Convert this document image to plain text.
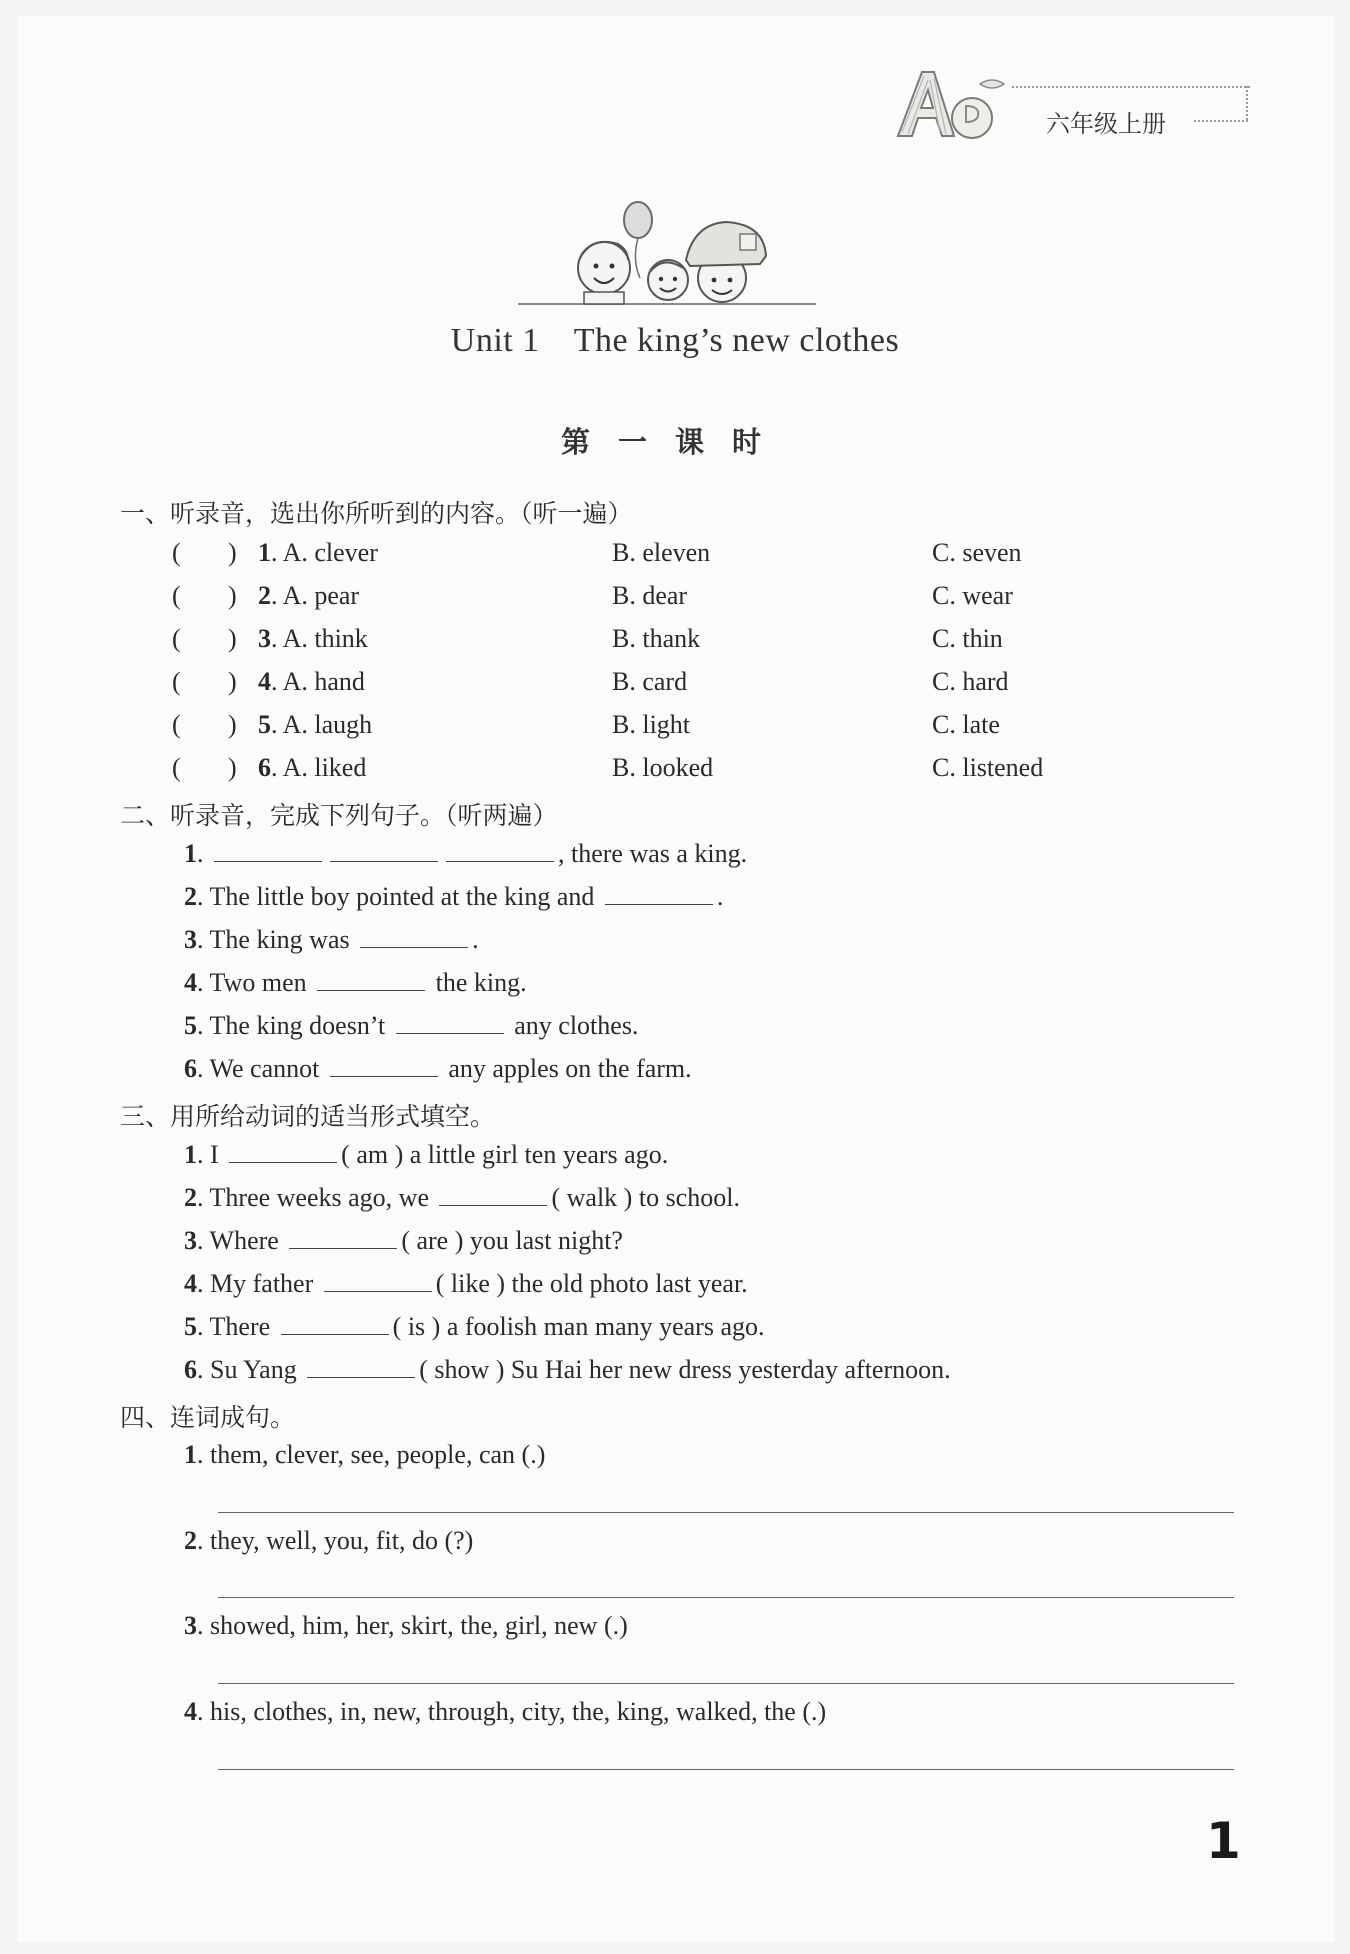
六年级上册
Unit 1 The king’s new clothes
第一课时
一、听录音，选出你所听到的内容。（听一遍）
( ) 1. A. clever	B. eleven	C. seven
( ) 2. A. pear	B. dear	C. wear
( ) 3. A. think	B. thank	C. thin
( ) 4. A. hand	B. card	C. hard
( ) 5. A. laugh	B. light	C. late
( ) 6. A. liked	B. looked	C. listened
二、听录音，完成下列句子。（听两遍）
1.	, there was a king.
2. The little boy pointed at the king and	.
3. The king was	.
4. Two men	the king.
5. The king doesn’t	any clothes.
6. We cannot	any apples on the farm.
三、用所给动词的适当形式填空。
1. I	( am ) a little girl ten years ago.
2. Three weeks ago, we	( walk ) to school.
3. Where	( are ) you last night?
4. My father	( like ) the old photo last year.
5. There	( is ) a foolish man many years ago.
6. Su Yang	( show ) Su Hai her new dress yesterday afternoon.
四、连词成句。
1. them, clever, see, people, can (.)
2. they, well, you, fit, do (?)
3. showed, him, her, skirt, the, girl, new (.)
4. his, clothes, in, new, through, city, the, king, walked, the (.)
1
